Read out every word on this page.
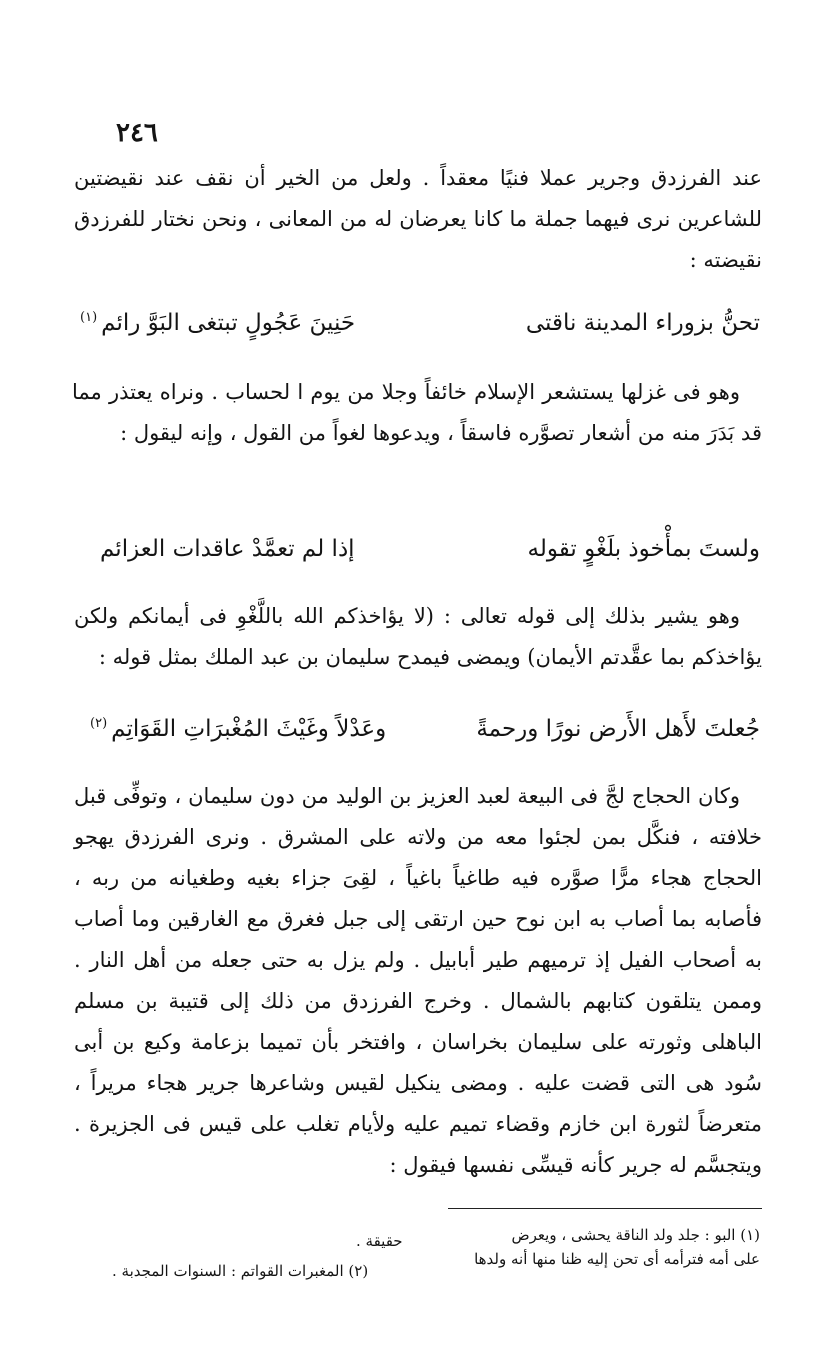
٢٤٦
عند الفرزدق وجرير عملا فنيًا معقداً . ولعل من الخير أن نقف عند نقيضتين للشاعرين نرى فيهما جملة ما كانا يعرضان له من المعانى ، ونحن نختار للفرزدق نقيضته :
تحنُّ بزوراء المدينة ناقتى
حَنِينَ عَجُولٍ تبتغى البَوَّ رائم$^{(١)}$
وهو فى غزلها يستشعر الإسلام خائفاً وجلا من يوم ا لحساب . ونراه يعتذر مما قد بَدَرَ منه من أشعار تصوَّره فاسقاً ، ويدعوها لغواً من القول ، وإنه ليقول :
ولستَ بمأْخوذ بلَغْوٍ تقوله
إذا لم تعمَّدْ عاقدات العزائم
وهو يشير بذلك إلى قوله تعالى : (لا يؤاخذكم الله باللَّغْوِ فى أيمانكم ولكن يؤاخذكم بما عقَّدتم الأيمان) ويمضى فيمدح سليمان بن عبد الملك بمثل قوله :
جُعلتَ لأَهل الأَرض نورًا ورحمةً
وعَدْلاً وغَيْثَ المُغْبرَاتِ القَوَاتِم$^{(٢)}$
وكان الحجاج لجَّ فى البيعة لعبد العزيز بن الوليد من دون سليمان ، وتوفِّى قبل خلافته ، فنكَّل بمن لجئوا معه من ولاته على المشرق . ونرى الفرزدق يهجو الحجاج هجاء مرًّا صوَّره فيه طاغياً باغياً ، لقِىَ جزاء بغيه وطغيانه من ربه ، فأصابه بما أصاب به ابن نوح حين ارتقى إلى جبل فغرق مع الغارقين وما أصاب به أصحاب الفيل إذ ترميهم طير أبابيل . ولم يزل به حتى جعله من أهل النار . وممن يتلقون كتابهم بالشمال . وخرج الفرزدق من ذلك إلى قتيبة بن مسلم الباهلى وثورته على سليمان بخراسان ، وافتخر بأن تميما بزعامة وكيع بن أبى سُود هى التى قضت عليه . ومضى ينكيل لقيس وشاعرها جرير هجاء مريراً ، متعرضاً لثورة ابن خازم وقضاء تميم عليه ولأيام تغلب على قيس فى الجزيرة . ويتجسَّم له جرير كأنه قيسِّى نفسها فيقول :
(١) البو : جلد ولد الناقة يحشى ، ويعرض
على أمه فترأمه أى تحن إليه ظنا منها أنه ولدها
حقيقة .
(٢) المغبرات القواتم : السنوات المجدبة .
